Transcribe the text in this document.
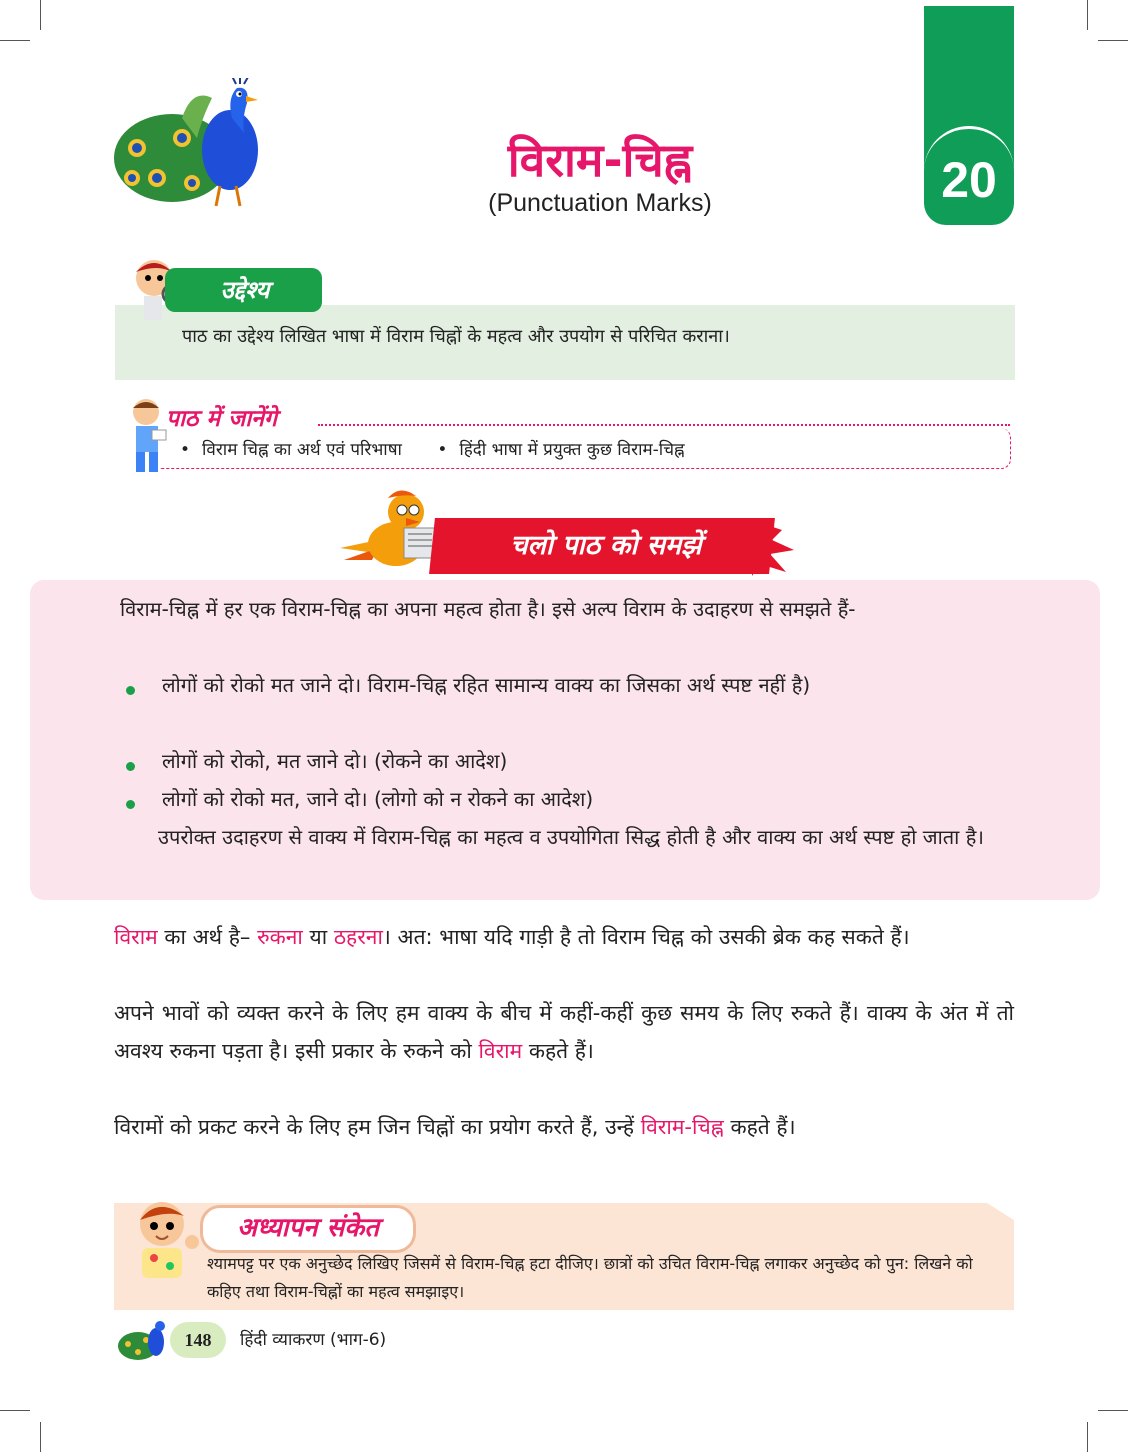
20
विराम-चिह्न
(Punctuation Marks)
उद्देश्य
पाठ का उद्देश्य लिखित भाषा में विराम चिह्नों के महत्व और उपयोग से परिचित कराना।
पाठ में जानेंगे
• विराम चिह्न का अर्थ एवं परिभाषा • हिंदी भाषा में प्रयुक्त कुछ विराम-चिह्न
चलो पाठ को समझें
विराम-चिह्न में हर एक विराम-चिह्न का अपना महत्व होता है। इसे अल्प विराम के उदाहरण से समझते हैं-
लोगों को रोको मत जाने दो। विराम-चिह्न रहित सामान्य वाक्य का जिसका अर्थ स्पष्ट नहीं है)
लोगों को रोको, मत जाने दो। (रोकने का आदेश)
लोगों को रोको मत, जाने दो। (लोगो को न रोकने का आदेश)
उपरोक्त उदाहरण से वाक्य में विराम-चिह्न का महत्व व उपयोगिता सिद्ध होती है और वाक्य का अर्थ स्पष्ट हो जाता है।
विराम का अर्थ है– रुकना या ठहरना। अत: भाषा यदि गाड़ी है तो विराम चिह्न को उसकी ब्रेक कह सकते हैं।
अपने भावों को व्यक्त करने के लिए हम वाक्य के बीच में कहीं-कहीं कुछ समय के लिए रुकते हैं। वाक्य के अंत में तो अवश्य रुकना पड़ता है। इसी प्रकार के रुकने को विराम कहते हैं।
विरामों को प्रकट करने के लिए हम जिन चिह्नों का प्रयोग करते हैं, उन्हें विराम-चिह्न कहते हैं।
अध्यापन संकेत
श्यामपट्ट पर एक अनुच्छेद लिखिए जिसमें से विराम-चिह्न हटा दीजिए। छात्रों को उचित विराम-चिह्न लगाकर अनुच्छेद को पुन: लिखने को कहिए तथा विराम-चिह्नों का महत्व समझाइए।
148	हिंदी व्याकरण (भाग-6)
